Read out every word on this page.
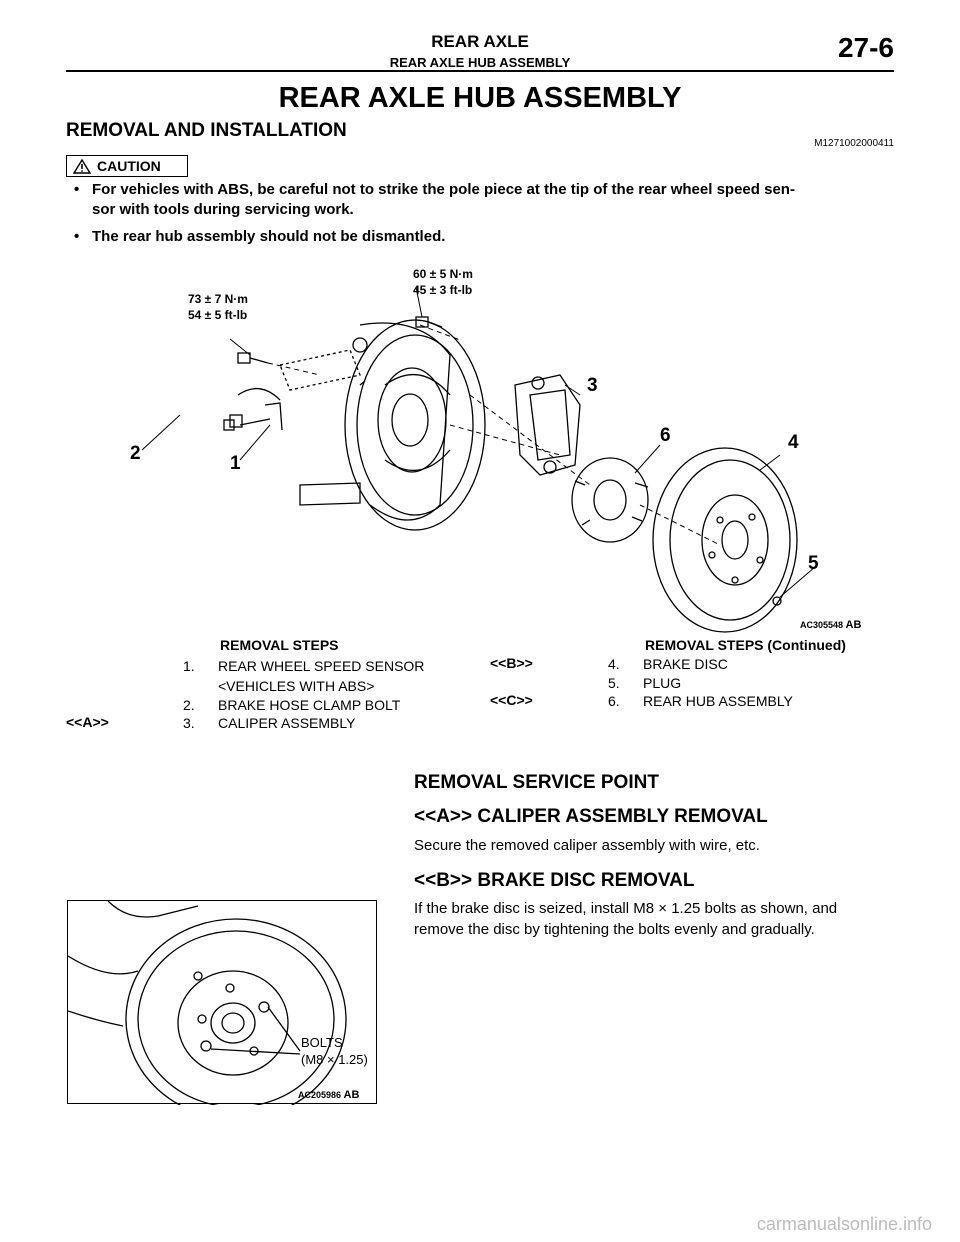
REAR AXLE
REAR AXLE HUB ASSEMBLY	27-6
REAR AXLE HUB ASSEMBLY
REMOVAL AND INSTALLATION
M1271002000411
CAUTION
• For vehicles with ABS, be careful not to strike the pole piece at the tip of the rear wheel speed sen-
sor with tools during servicing work.
• The rear hub assembly should not be dismantled.
73 ± 7 N·m
54 ± 5 ft-lb
60 ± 5 N·m
45 ± 3 ft-lb
1
2
3
4
5
6
AC305548 AB
REMOVAL STEPS
1. REAR WHEEL SPEED SENSOR
<VEHICLES WITH ABS>
2. BRAKE HOSE CLAMP BOLT
<<A>>	3. CALIPER ASSEMBLY
REMOVAL STEPS (Continued)
<<B>>	4. BRAKE DISC
5. PLUG
<<C>>	6. REAR HUB ASSEMBLY
REMOVAL SERVICE POINT
<<A>> CALIPER ASSEMBLY REMOVAL
Secure the removed caliper assembly with wire, etc.
<<B>> BRAKE DISC REMOVAL
If the brake disc is seized, install M8 × 1.25 bolts as shown, and
remove the disc by tightening the bolts evenly and gradually.
BOLTS
(M8 × 1.25)
AC205986 AB
carmanualsonline.info
